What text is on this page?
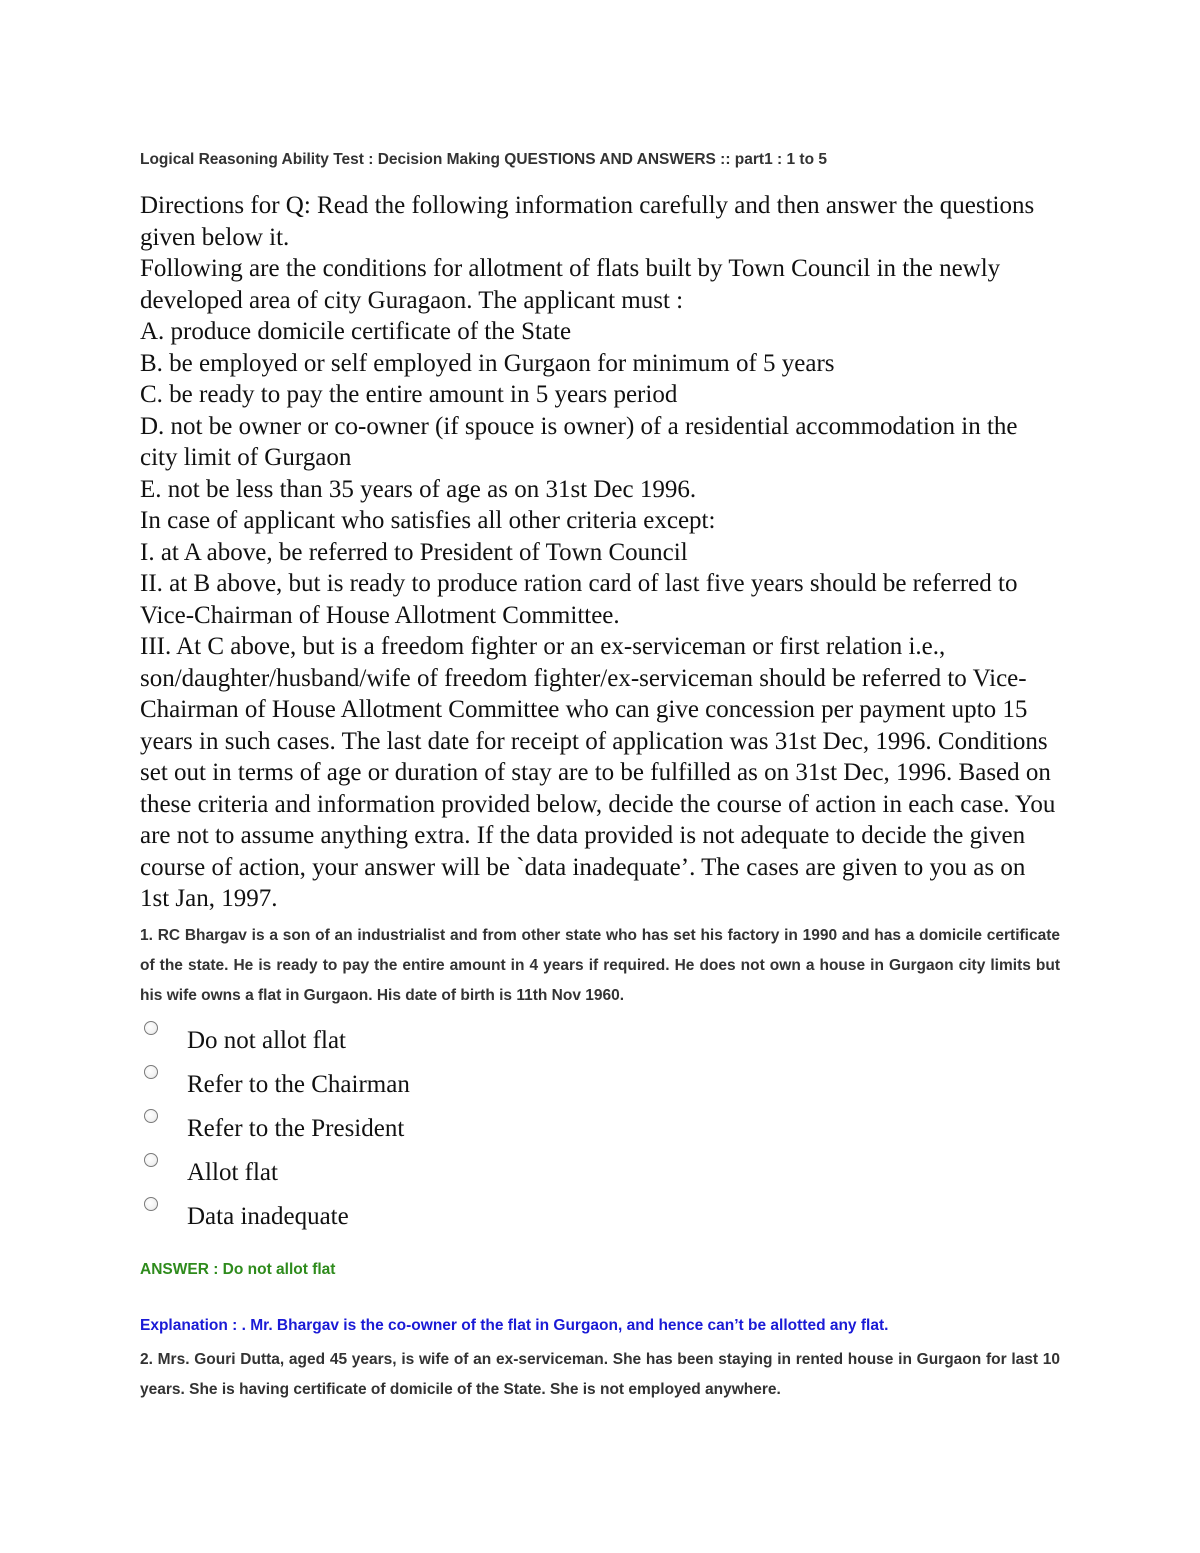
Logical Reasoning Ability Test : Decision Making QUESTIONS AND ANSWERS :: part1 : 1 to 5

Directions for Q: Read the following information carefully and then answer the questions given below it.

Following are the conditions for allotment of flats built by Town Council in the newly developed area of city Guragaon. The applicant must :

A. produce domicile certificate of the State

B. be employed or self employed in Gurgaon for minimum of 5 years

C. be ready to pay the entire amount in 5 years period

D. not be owner or co-owner (if spouce is owner) of a residential accommodation in the city limit of Gurgaon

E. not be less than 35 years of age as on 31st Dec 1996.

In case of applicant who satisfies all other criteria except:

I. at A above, be referred to President of Town Council

II. at B above, but is ready to produce ration card of last five years should be referred to Vice-Chairman of House Allotment Committee.

III. At C above, but is a freedom fighter or an ex-serviceman or first relation i.e., son/daughter/husband/wife of freedom fighter/ex-serviceman should be referred to Vice-Chairman of House Allotment Committee who can give concession per payment upto 15 years in such cases. The last date for receipt of application was 31st Dec, 1996. Conditions set out in terms of age or duration of stay are to be fulfilled as on 31st Dec, 1996. Based on these criteria and information provided below, decide the course of action in each case. You are not to assume anything extra. If the data provided is not adequate to decide the given course of action, your answer will be `data inadequate’. The cases are given to you as on 1st Jan, 1997.

1. RC Bhargav is a son of an industrialist and from other state who has set his factory in 1990 and has a domicile certificate of the state. He is ready to pay the entire amount in 4 years if required. He does not own a house in Gurgaon city limits but his wife owns a flat in Gurgaon. His date of birth is 11th Nov 1960.

Do not allot flat
Refer to the Chairman
Refer to the President
Allot flat
Data inadequate

ANSWER : Do not allot flat

Explanation : . Mr. Bhargav is the co-owner of the flat in Gurgaon, and hence can’t be allotted any flat.

2. Mrs. Gouri Dutta, aged 45 years, is wife of an ex-serviceman. She has been staying in rented house in Gurgaon for last 10 years. She is having certificate of domicile of the State. She is not employed anywhere.
